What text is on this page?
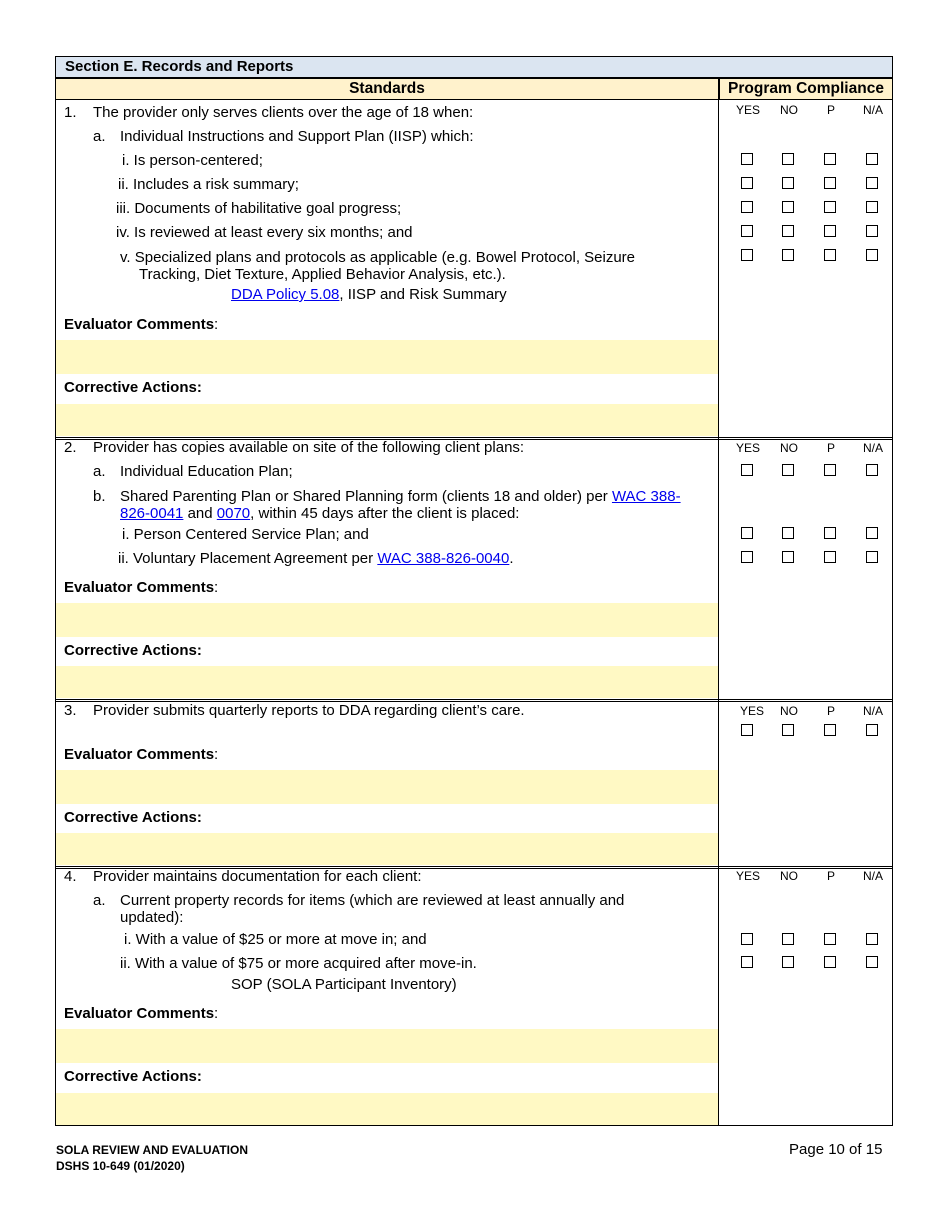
Section E. Records and Reports
Standards	Program Compliance
1. The provider only serves clients over the age of 18 when:
a. Individual Instructions and Support Plan (IISP) which:
i. Is person-centered;
ii. Includes a risk summary;
iii. Documents of habilitative goal progress;
iv. Is reviewed at least every six months; and
v. Specialized plans and protocols as applicable (e.g. Bowel Protocol, Seizure
Tracking, Diet Texture, Applied Behavior Analysis, etc.).
DDA Policy 5.08, IISP and Risk Summary
Evaluator Comments:
Corrective Actions:
YES NO P N/A
2. Provider has copies available on site of the following client plans:
a. Individual Education Plan;
b. Shared Parenting Plan or Shared Planning form (clients 18 and older) per WAC 388-
826-0041 and 0070, within 45 days after the client is placed:
i. Person Centered Service Plan; and
ii. Voluntary Placement Agreement per WAC 388-826-0040.
Evaluator Comments:
Corrective Actions:
YES NO P N/A
3. Provider submits quarterly reports to DDA regarding client’s care.
Evaluator Comments:
Corrective Actions:
YES NO P N/A
4. Provider maintains documentation for each client:
a. Current property records for items (which are reviewed at least annually and
updated):
i. With a value of $25 or more at move in; and
ii. With a value of $75 or more acquired after move-in.
SOP (SOLA Participant Inventory)
Evaluator Comments:
Corrective Actions:
YES NO P N/A
SOLA REVIEW AND EVALUATION
DSHS 10-649 (01/2020)
Page 10 of 15
